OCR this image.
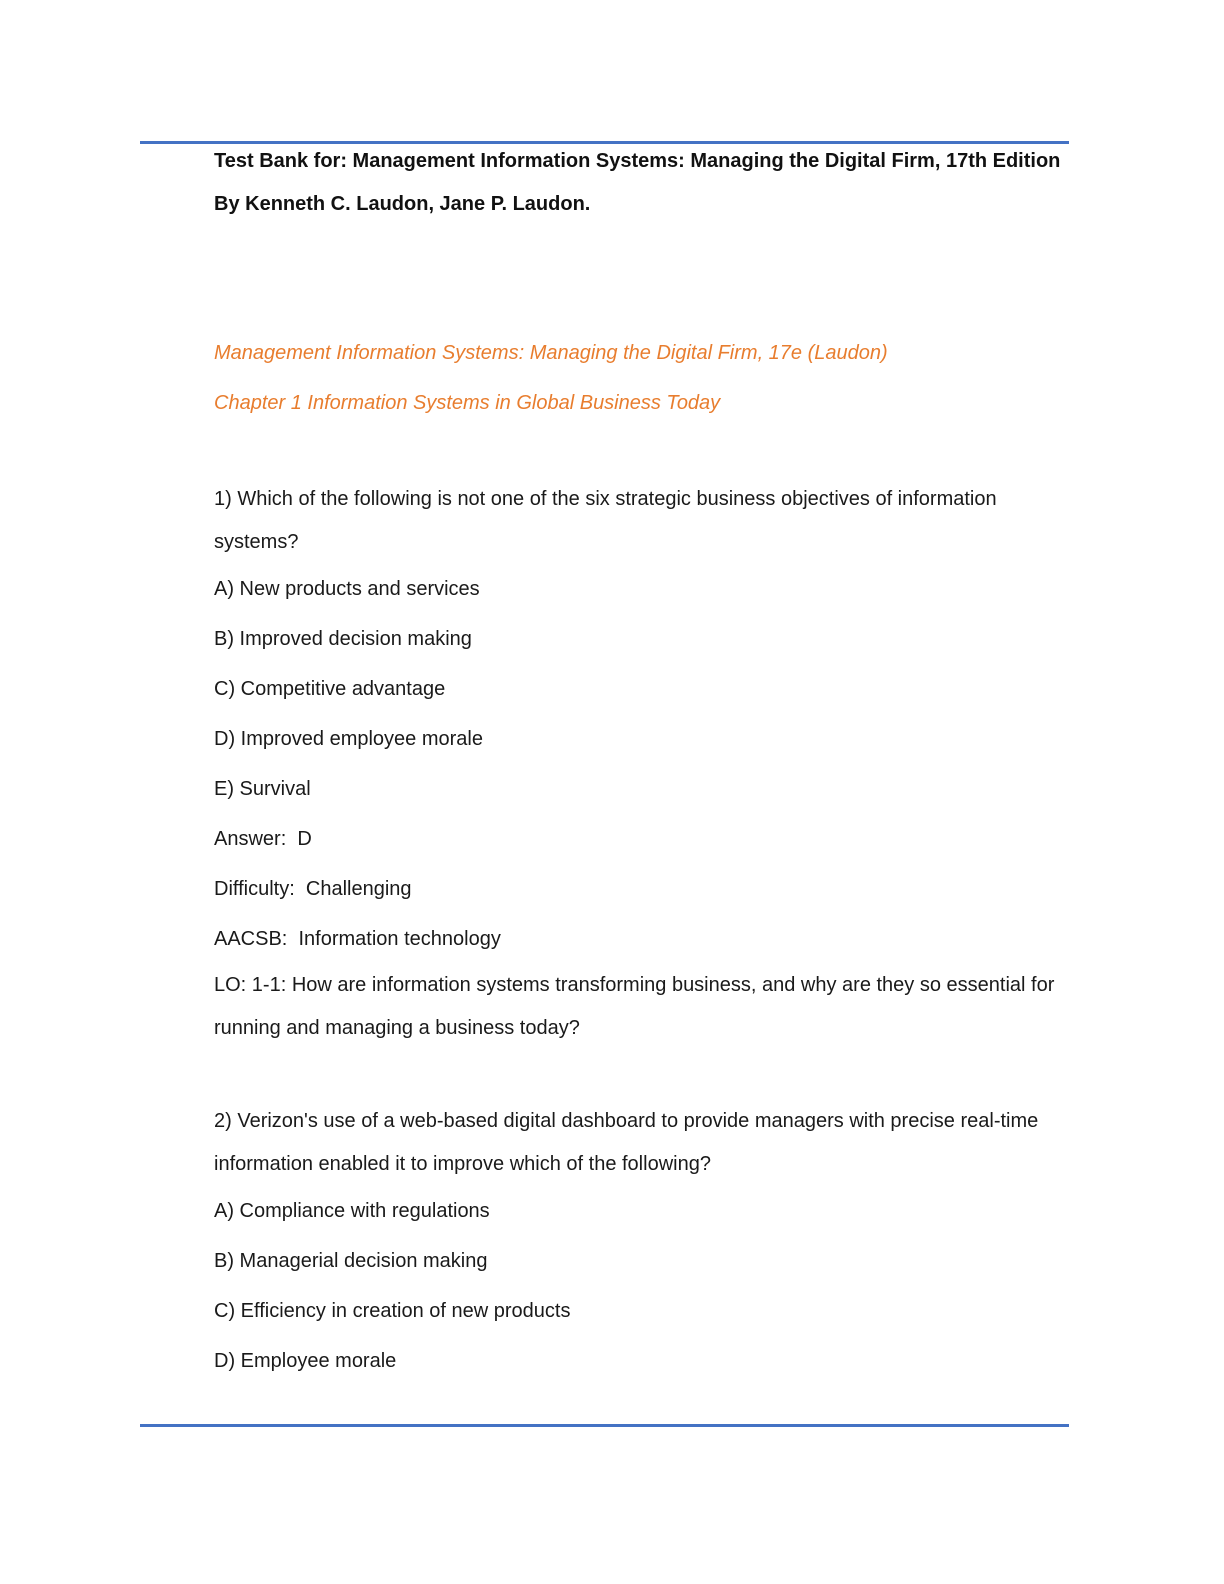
Test Bank for: Management Information Systems: Managing the Digital Firm, 17th Edition By Kenneth C. Laudon, Jane P. Laudon.

Management Information Systems: Managing the Digital Firm, 17e (Laudon)

Chapter 1 Information Systems in Global Business Today

1) Which of the following is not one of the six strategic business objectives of information systems?

A) New products and services

B) Improved decision making

C) Competitive advantage

D) Improved employee morale

E) Survival

Answer:  D

Difficulty:  Challenging

AACSB:  Information technology

LO: 1-1: How are information systems transforming business, and why are they so essential for running and managing a business today?

2) Verizon's use of a web-based digital dashboard to provide managers with precise real-time information enabled it to improve which of the following?

A) Compliance with regulations

B) Managerial decision making

C) Efficiency in creation of new products

D) Employee morale
